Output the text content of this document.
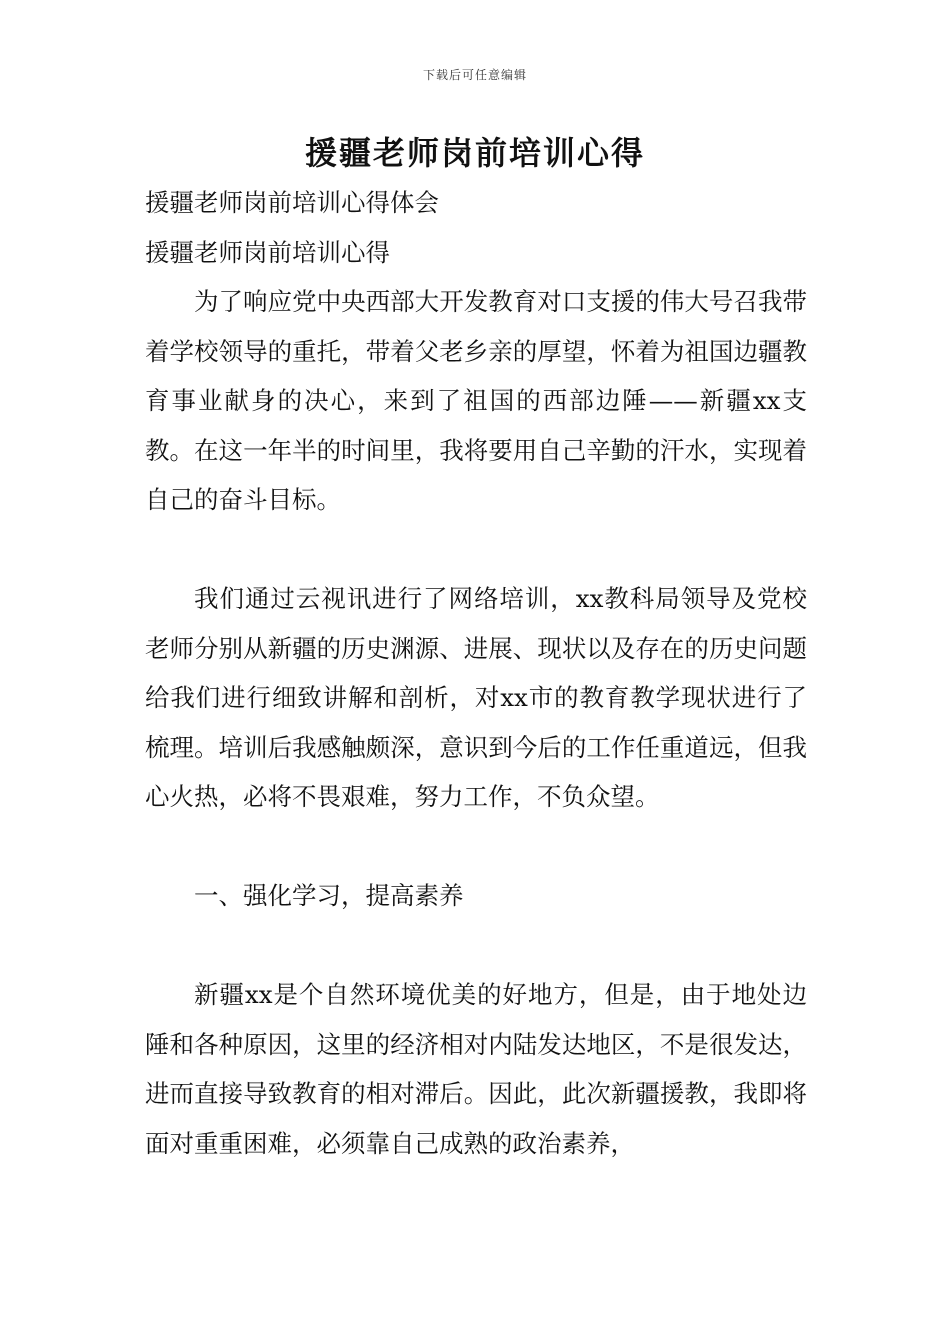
下载后可任意编辑
援疆老师岗前培训心得

援疆老师岗前培训心得体会

援疆老师岗前培训心得

为了响应党中央西部大开发教育对口支援的伟大号召我带着学校领导的重托，带着父老乡亲的厚望，怀着为祖国边疆教育事业献身的决心，来到了祖国的西部边陲——新疆xx支教。在这一年半的时间里，我将要用自己辛勤的汗水，实现着自己的奋斗目标。

我们通过云视讯进行了网络培训，xx教科局领导及党校老师分别从新疆的历史渊源、进展、现状以及存在的历史问题给我们进行细致讲解和剖析，对xx市的教育教学现状进行了梳理。培训后我感触颇深，意识到今后的工作任重道远，但我心火热，必将不畏艰难，努力工作，不负众望。

一、强化学习，提高素养

新疆xx是个自然环境优美的好地方，但是，由于地处边陲和各种原因，这里的经济相对内陆发达地区，不是很发达，进而直接导致教育的相对滞后。因此，此次新疆援教，我即将面对重重困难，必须靠自己成熟的政治素养，
